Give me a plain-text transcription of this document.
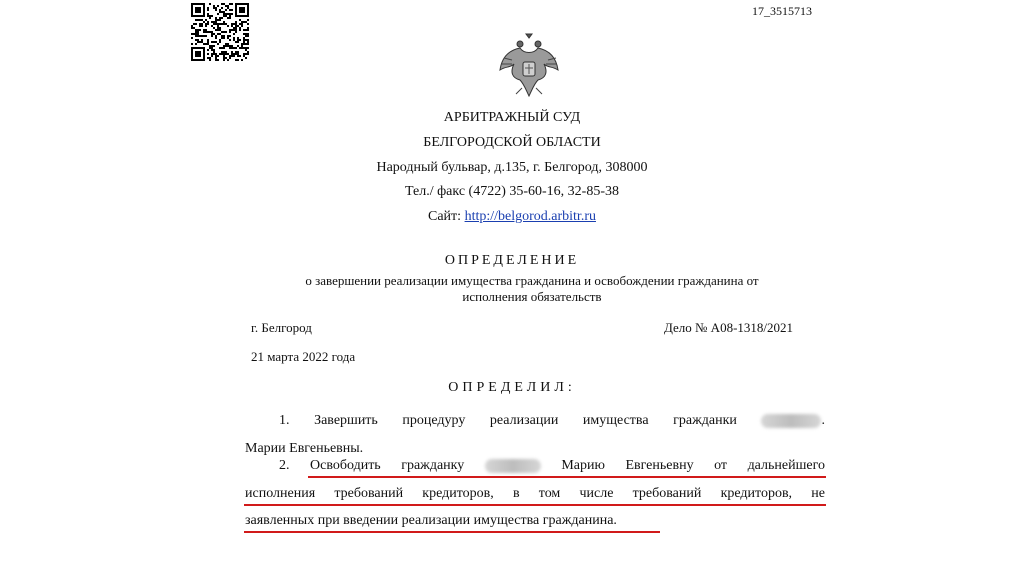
17_3515713
АРБИТРАЖНЫЙ СУД
БЕЛГОРОДСКОЙ ОБЛАСТИ
Народный бульвар, д.135, г. Белгород, 308000
Тел./ факс (4722) 35-60-16, 32-85-38
Сайт: http://belgorod.arbitr.ru
ОПРЕДЕЛЕНИЕ
о завершении реализации имущества гражданина и освобождении гражданина от исполнения обязательств
г. Белгород	Дело № А08-1318/2021
21 марта 2022 года
ОПРЕДЕЛИЛ:
1. Завершить процедуру реализации имущества гражданки	.
Марии Евгеньевны.
2. Освободить гражданку	Марию Евгеньевну от дальнейшего
исполнения требований кредиторов, в том числе требований кредиторов, не
заявленных при введении реализации имущества гражданина.
